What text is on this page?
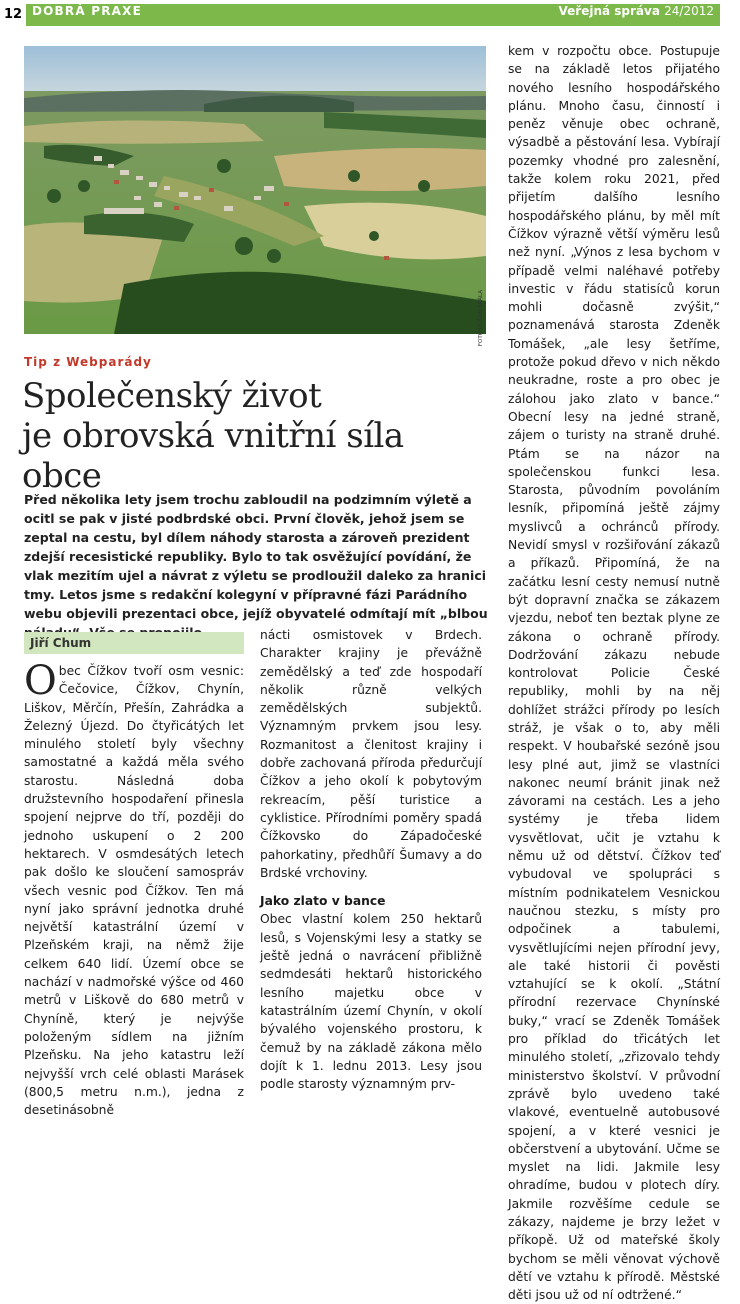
12 DOBRÁ PRAXE	Veřejná správa 24/2012
FOTO DUŠAN SKÁLA
Tip z Webparády
Společenský život
je obrovská vnitřní síla obce

Před několika lety jsem trochu zabloudil na podzimním výletě a ocitl se pak v jisté podbrdské obci. První člověk, jehož jsem se zeptal na cestu, byl dílem náhody starosta a zároveň prezident zdejší recesistické republiky. Bylo to tak osvěžující povídání, že vlak mezitím ujel a návrat z výletu se prodloužil daleko za hranici tmy. Letos jsme s redakční kolegyní v přípravné fázi Parádního webu objevili prezentaci obce, jejíž obyvatelé odmítají mít „blbou

Jiří Chum

Obec Čížkov tvoří osm vesnic: Čečovice, Čížkov, Chynín, Liškov, Měrčín, Přešín, Zahrádka a Železný Újezd. Do čtyřicátých let minulého století byly všechny samostatné a každá měla svého starostu. Následná doba družstevního hospodaření přinesla spojení nejprve do tří, později do jednoho uskupení o 2 200 hektarech. V osmdesátých letech pak došlo ke sloučení samospráv všech vesnic pod Čížkov. Ten má nyní jako správní jednotka druhé největší katastrální území v Plzeňském kraji, na němž žije celkem 640 lidí. Území obce se nachází v nadmořské výšce od 460 metrů v Liškově do 680 metrů v Chyníně, který je nejvýše položeným sídlem na jižním Plzeňsku. Na jeho katastru leží nejvyšší vrch celé oblasti Marásek (800,5 metru n.m.), jedna z desetinásobně

nácti osmistovek v Brdech. Charakter krajiny je převážně zemědělský a teď zde hospodaří několik různě velkých zemědělských subjektů. Významným prvkem jsou lesy. Rozmanitost a členitost krajiny i dobře zachovaná příroda předurčují Čížkov a jeho okolí k pobytovým rekreacím, pěší turistice a cyklistice. Přírodními poměry spadá Čížkovsko do Západočeské pahorkatiny, předhůří Šumavy a do Brdské vrchoviny.

Jako zlato v bance

Obec vlastní kolem 250 hektarů lesů, s Vojenskými lesy a statky se ještě jedná o navrácení přibližně sedmdesáti hektarů historického lesního majetku obce v katastrálním území Chynín, v okolí bývalého vojenského prostoru, k čemuž by na základě zákona mělo dojít k 1. lednu 2013. Lesy jsou podle starosty významným prv-

kem v rozpočtu obce. Postupuje se na základě letos přijatého nového lesního hospodářského plánu. Mnoho času, činností i peněz věnuje obec ochraně, výsadbě a pěstování lesa. Vybírají pozemky vhodné pro zalesnění, takže kolem roku 2021, před přijetím dalšího lesního hospodářského plánu, by měl mít Čížkov výrazně větší výměru lesů než nyní. „Výnos z lesa bychom v případě velmi naléhavé potřeby investic v řádu statisíců korun mohli dočasně zvýšit,“ poznamenává starosta Zdeněk Tomášek, „ale lesy šetříme, protože pokud dřevo v nich někdo neukradne, roste a pro obec je zálohou jako zlato v bance.“ Obecní lesy na jedné straně, zájem o turisty na straně druhé. Ptám se na názor na společenskou funkci lesa. Starosta, původním povoláním lesník, připomíná ještě zájmy myslivců a ochránců přírody. Nevidí smysl v rozšiřování zákazů a příkazů. Připomíná, že na začátku lesní cesty nemusí nutně být dopravní značka se zákazem vjezdu, neboť ten beztak plyne ze zákona o ochraně přírody. Dodržování zákazu nebude kontrolovat Policie České republiky, mohli by na něj dohlížet strážci přírody po lesích stráž, je však o to, aby měli respekt. V houbařské sezóně jsou lesy plné aut, jimž se vlastníci nakonec neumí bránit jinak než závorami na cestách. Les a jeho systémy je třeba lidem vysvětlovat, učit je vztahu k němu už od dětství. Čížkov teď vybudoval ve spolupráci s místním podnikatelem Vesnickou naučnou stezku, s místy pro odpočinek a tabulemi, vysvětlujícími nejen přírodní jevy, ale také historii či pověsti vztahující se k okolí. „Státní přírodní rezervace Chynínské buky,“ vrací se Zdeněk Tomášek pro příklad do třicátých let minulého století, „zřizovalo tehdy ministerstvo školství. V průvodní zprávě bylo uvedeno také vlakové, eventuelně autobusové spojení, a v které vesnici je občerstvení a ubytování. Učme se myslet na lidi. Jakmile lesy ohradíme, budou v plotech díry. Jakmile rozvěšíme cedule se zákazy, najdeme je brzy ležet v příkopě. Už od mateřské školy bychom se měli věnovat výchově dětí ve vztahu k přírodě. Městské děti jsou už od ní odtržené.“
